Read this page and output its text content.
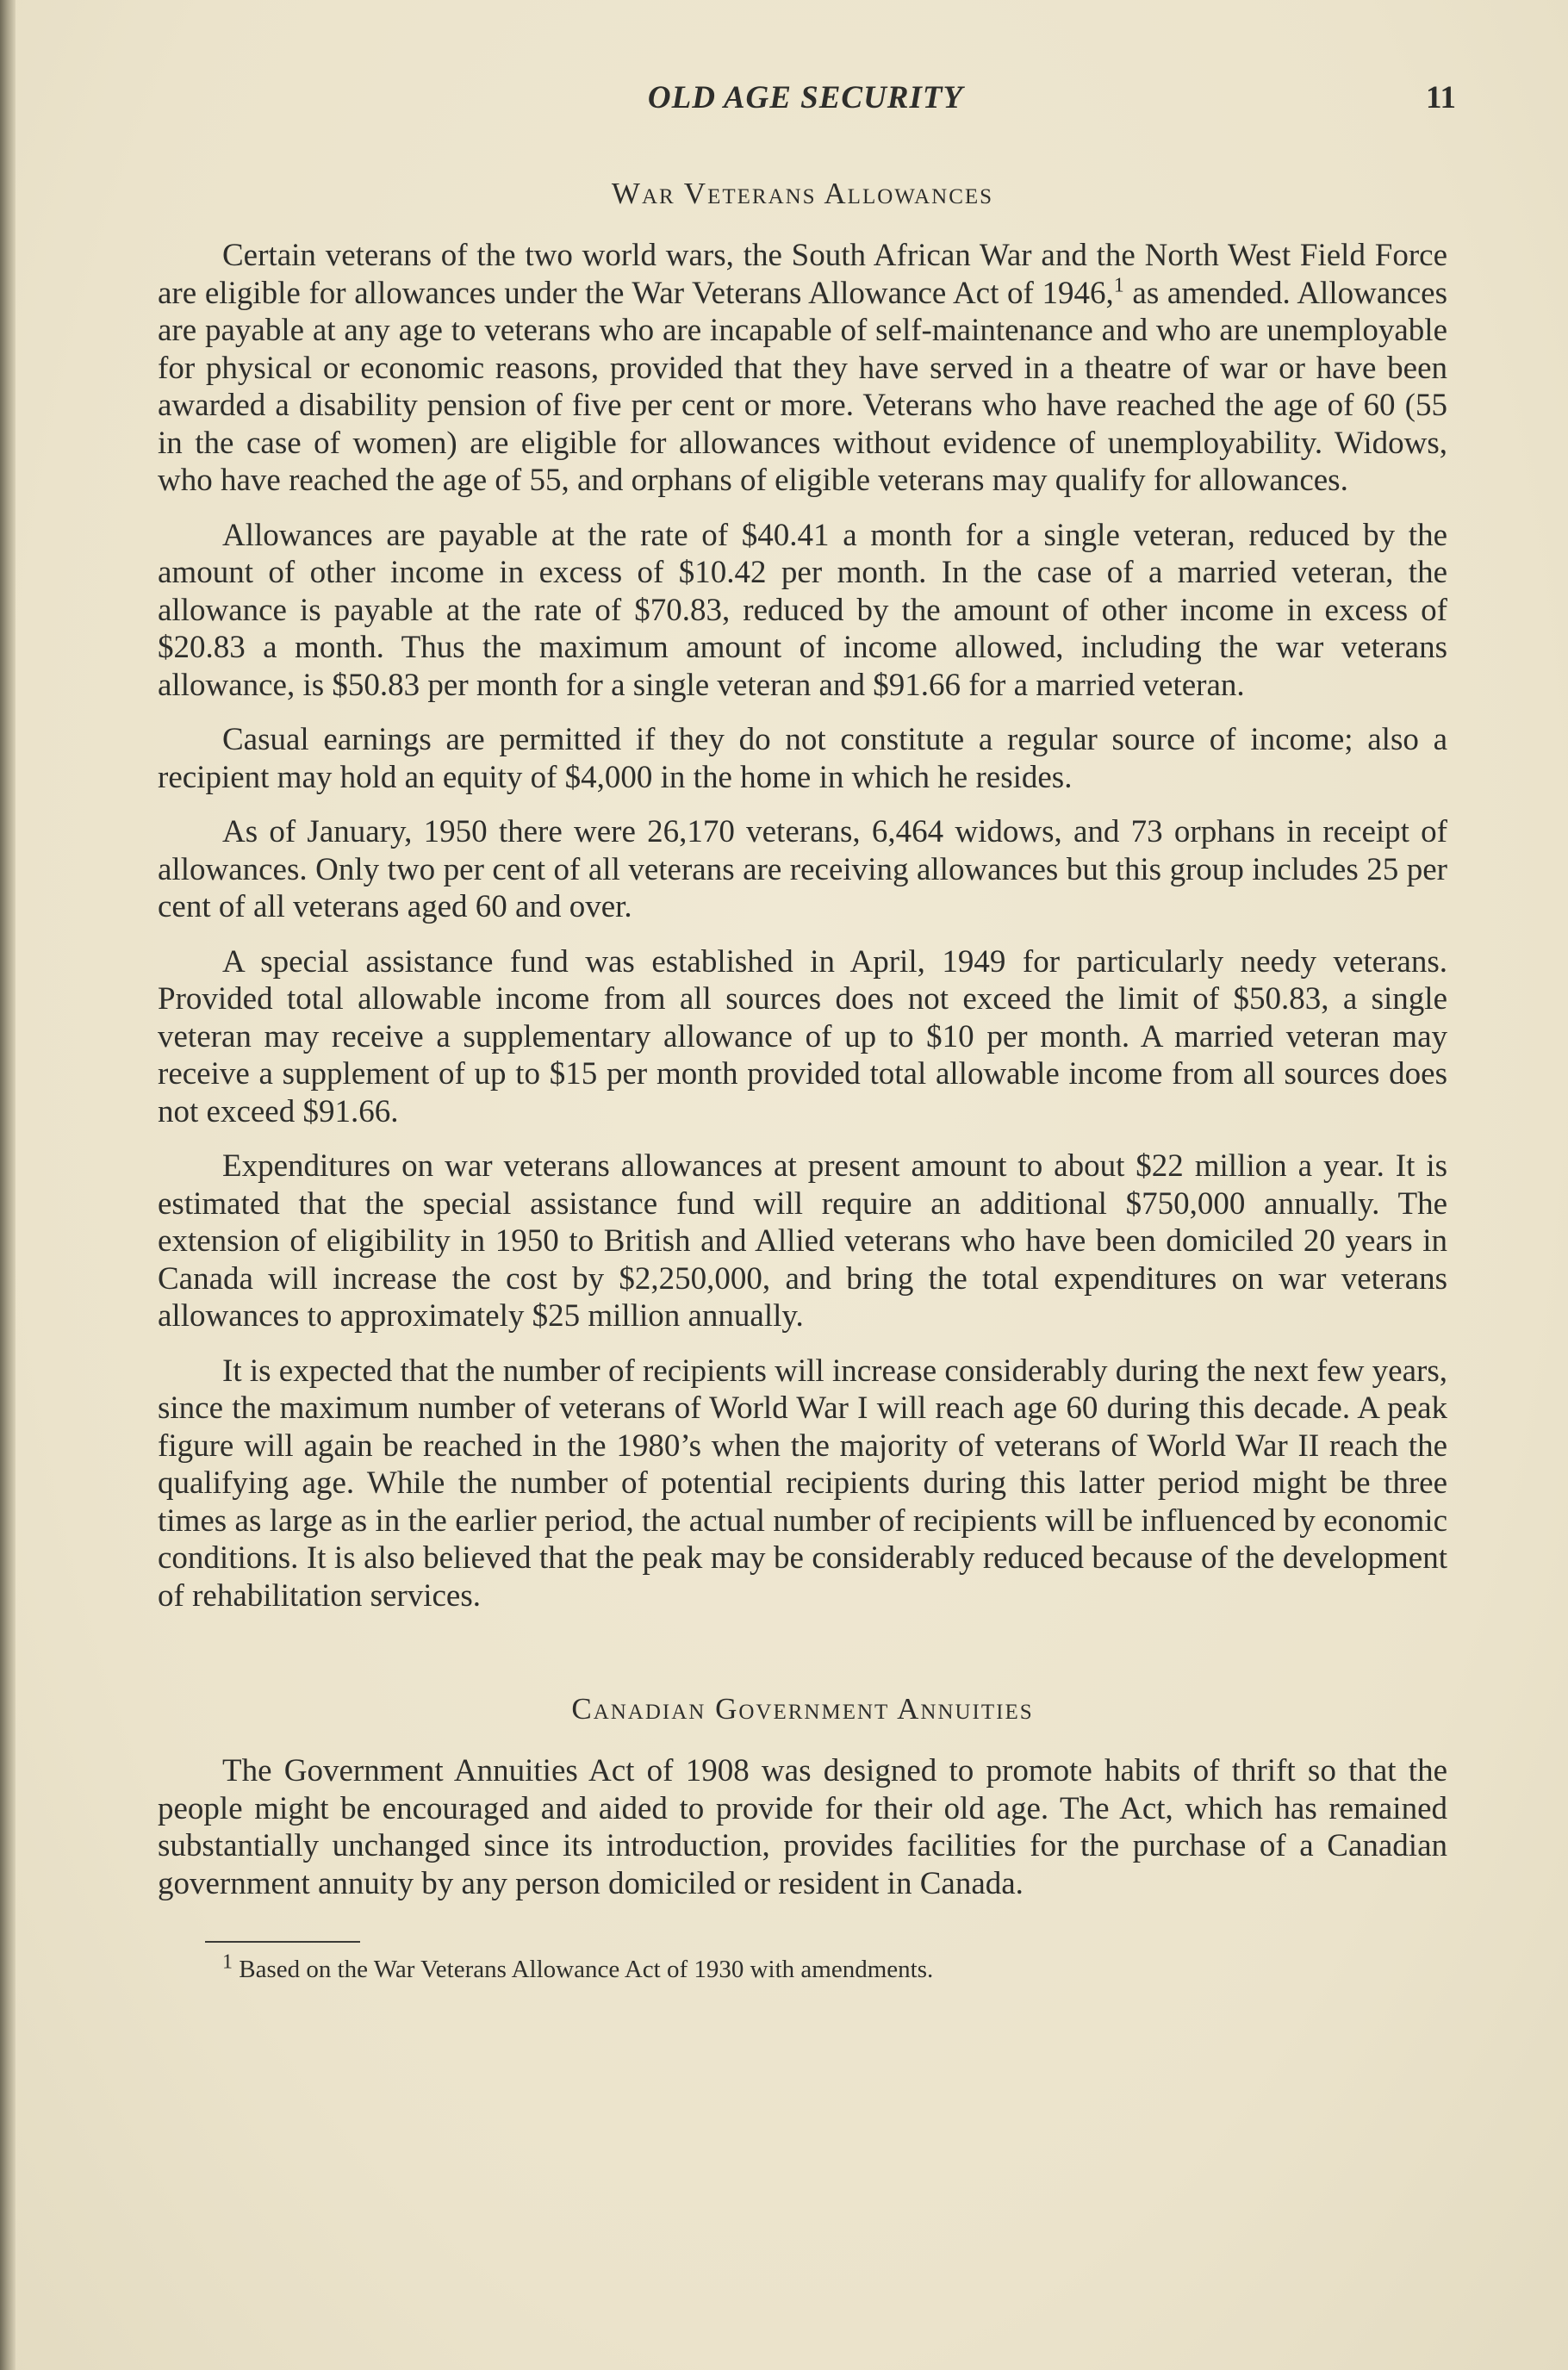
OLD AGE SECURITY	11
War Veterans Allowances

Certain veterans of the two world wars, the South African War and the North West Field Force are eligible for allowances under the War Veterans Allowance Act of 1946,$^1$ as amended. Allowances are payable at any age to veterans who are incapable of self-maintenance and who are unemployable for physical or economic reasons, provided that they have served in a theatre of war or have been awarded a disability pension of five per cent or more. Veterans who have reached the age of 60 (55 in the case of women) are eligible for allowances without evidence of unemployability. Widows, who have reached the age of 55, and orphans of eligible veterans may qualify for allowances.

Allowances are payable at the rate of $40.41 a month for a single veteran, reduced by the amount of other income in excess of $10.42 per month. In the case of a married veteran, the allowance is payable at the rate of $70.83, reduced by the amount of other income in excess of $20.83 a month. Thus the maximum amount of income allowed, including the war veterans allowance, is $50.83 per month for a single veteran and $91.66 for a married veteran.

Casual earnings are permitted if they do not constitute a regular source of income; also a recipient may hold an equity of $4,000 in the home in which he resides.

As of January, 1950 there were 26,170 veterans, 6,464 widows, and 73 orphans in receipt of allowances. Only two per cent of all veterans are receiving allowances but this group includes 25 per cent of all veterans aged 60 and over.

A special assistance fund was established in April, 1949 for particularly needy veterans. Provided total allowable income from all sources does not exceed the limit of $50.83, a single veteran may receive a supplementary allowance of up to $10 per month. A married veteran may receive a supplement of up to $15 per month provided total allowable income from all sources does not exceed $91.66.

Expenditures on war veterans allowances at present amount to about $22 million a year. It is estimated that the special assistance fund will require an additional $750,000 annually. The extension of eligibility in 1950 to British and Allied veterans who have been domiciled 20 years in Canada will increase the cost by $2,250,000, and bring the total expenditures on war veterans allowances to approximately $25 million annually.

It is expected that the number of recipients will increase considerably during the next few years, since the maximum number of veterans of World War I will reach age 60 during this decade. A peak figure will again be reached in the 1980’s when the majority of veterans of World War II reach the qualifying age. While the number of potential recipients during this latter period might be three times as large as in the earlier period, the actual number of recipients will be influenced by economic conditions. It is also believed that the peak may be considerably reduced because of the development of rehabilitation services.

Canadian Government Annuities

The Government Annuities Act of 1908 was designed to promote habits of thrift so that the people might be encouraged and aided to provide for their old age. The Act, which has remained substantially unchanged since its introduction, provides facilities for the purchase of a Canadian government annuity by any person domiciled or resident in Canada.

$^1$ Based on the War Veterans Allowance Act of 1930 with amendments.
